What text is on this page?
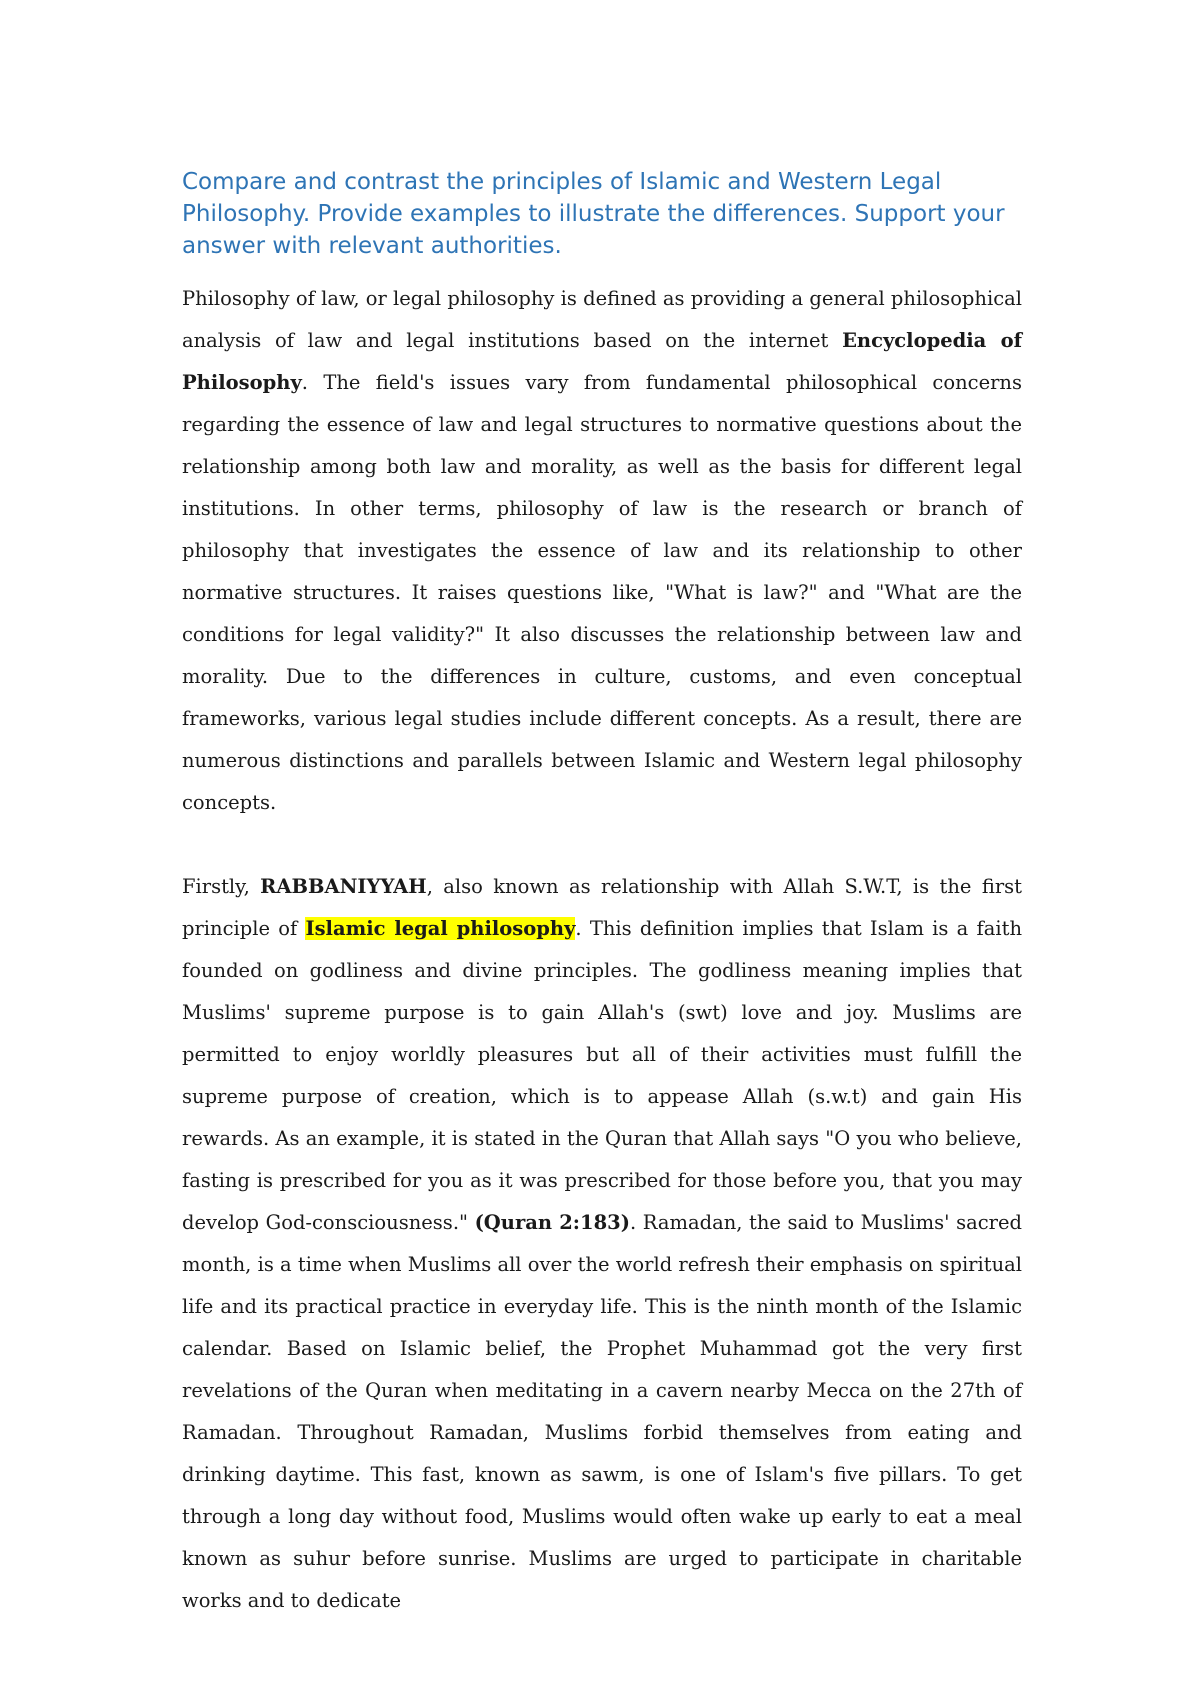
Compare and contrast the principles of Islamic and Western Legal Philosophy. Provide examples to illustrate the differences. Support your answer with relevant authorities.

Philosophy of law, or legal philosophy is defined as providing a general philosophical analysis of law and legal institutions based on the internet Encyclopedia of Philosophy. The field's issues vary from fundamental philosophical concerns regarding the essence of law and legal structures to normative questions about the relationship among both law and morality, as well as the basis for different legal institutions. In other terms, philosophy of law is the research or branch of philosophy that investigates the essence of law and its relationship to other normative structures. It raises questions like, "What is law?" and "What are the conditions for legal validity?" It also discusses the relationship between law and morality. Due to the differences in culture, customs, and even conceptual frameworks, various legal studies include different concepts. As a result, there are numerous distinctions and parallels between Islamic and Western legal philosophy concepts.

Firstly, RABBANIYYAH, also known as relationship with Allah S.W.T, is the first principle of Islamic legal philosophy. This definition implies that Islam is a faith founded on godliness and divine principles. The godliness meaning implies that Muslims' supreme purpose is to gain Allah's (swt) love and joy. Muslims are permitted to enjoy worldly pleasures but all of their activities must fulfill the supreme purpose of creation, which is to appease Allah (s.w.t) and gain His rewards. As an example, it is stated in the Quran that Allah says "O you who believe, fasting is prescribed for you as it was prescribed for those before you, that you may develop God-consciousness." (Quran 2:183). Ramadan, the said to Muslims' sacred month, is a time when Muslims all over the world refresh their emphasis on spiritual life and its practical practice in everyday life. This is the ninth month of the Islamic calendar. Based on Islamic belief, the Prophet Muhammad got the very first revelations of the Quran when meditating in a cavern nearby Mecca on the 27th of Ramadan. Throughout Ramadan, Muslims forbid themselves from eating and drinking daytime. This fast, known as sawm, is one of Islam's five pillars. To get through a long day without food, Muslims would often wake up early to eat a meal known as suhur before sunrise. Muslims are urged to participate in charitable works and to dedicate
